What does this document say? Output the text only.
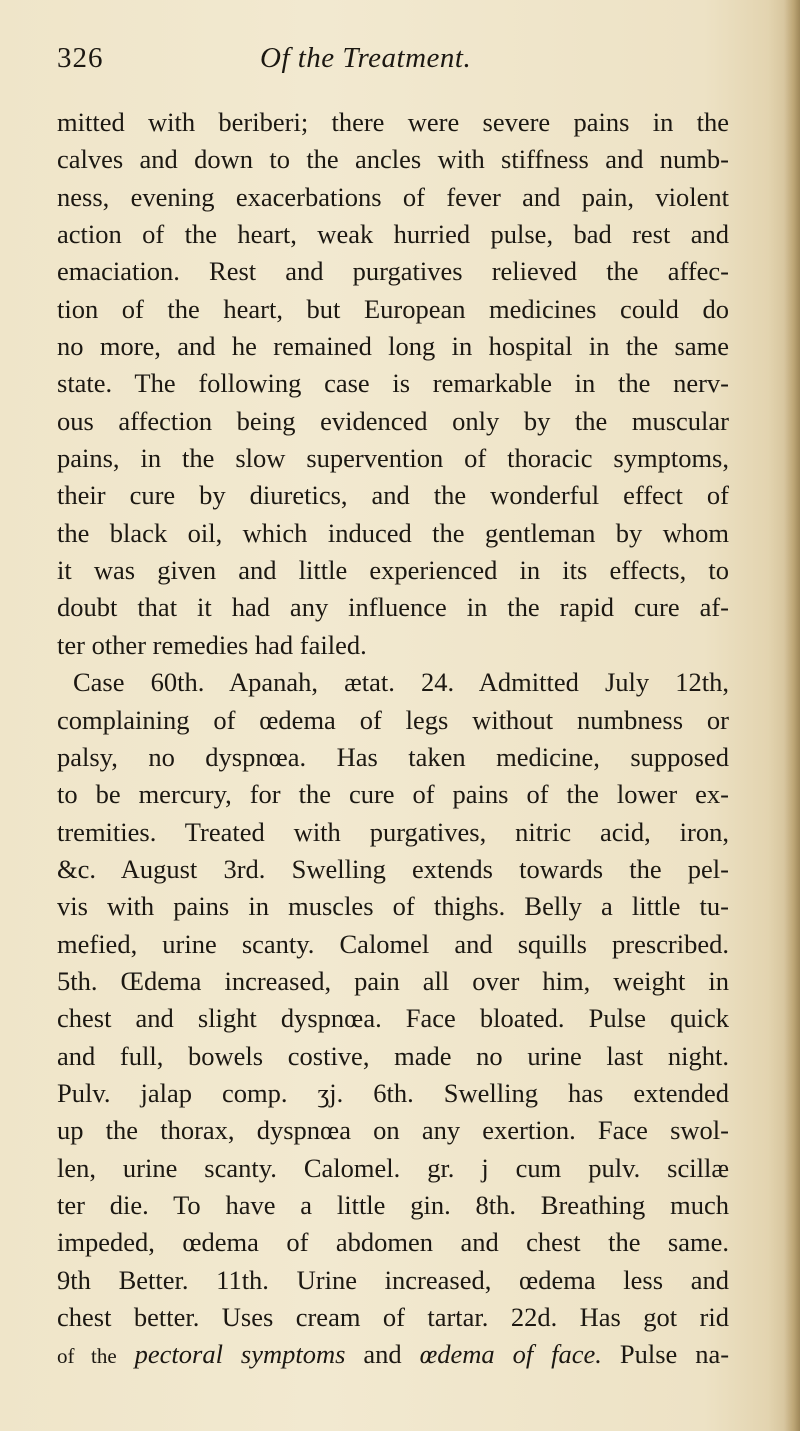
326	Of the Treatment.
mitted with beriberi; there were severe pains in the
calves and down to the ancles with stiffness and numb-
ness, evening exacerbations of fever and pain, violent
action of the heart, weak hurried pulse, bad rest and
emaciation. Rest and purgatives relieved the affec-
tion of the heart, but European medicines could do
no more, and he remained long in hospital in the same
state. The following case is remarkable in the nerv-
ous affection being evidenced only by the muscular
pains, in the slow supervention of thoracic symptoms,
their cure by diuretics, and the wonderful effect of
the black oil, which induced the gentleman by whom
it was given and little experienced in its effects, to
doubt that it had any influence in the rapid cure af-
ter other remedies had failed.
Case 60th. Apanah, ætat. 24. Admitted July 12th,
complaining of œdema of legs without numbness or
palsy, no dyspnœa. Has taken medicine, supposed
to be mercury, for the cure of pains of the lower ex-
tremities. Treated with purgatives, nitric acid, iron,
&c. August 3rd. Swelling extends towards the pel-
vis with pains in muscles of thighs. Belly a little tu-
mefied, urine scanty. Calomel and squills prescribed.
5th. Œdema increased, pain all over him, weight in
chest and slight dyspnœa. Face bloated. Pulse quick
and full, bowels costive, made no urine last night.
Pulv. jalap comp. ʒj. 6th. Swelling has extended
up the thorax, dyspnœa on any exertion. Face swol-
len, urine scanty. Calomel. gr. j cum pulv. scillæ
ter die. To have a little gin. 8th. Breathing much
impeded, œdema of abdomen and chest the same.
9th Better. 11th. Urine increased, œdema less and
chest better. Uses cream of tartar. 22d. Has got rid
of the pectoral symptoms and œdema of face. Pulse na-
